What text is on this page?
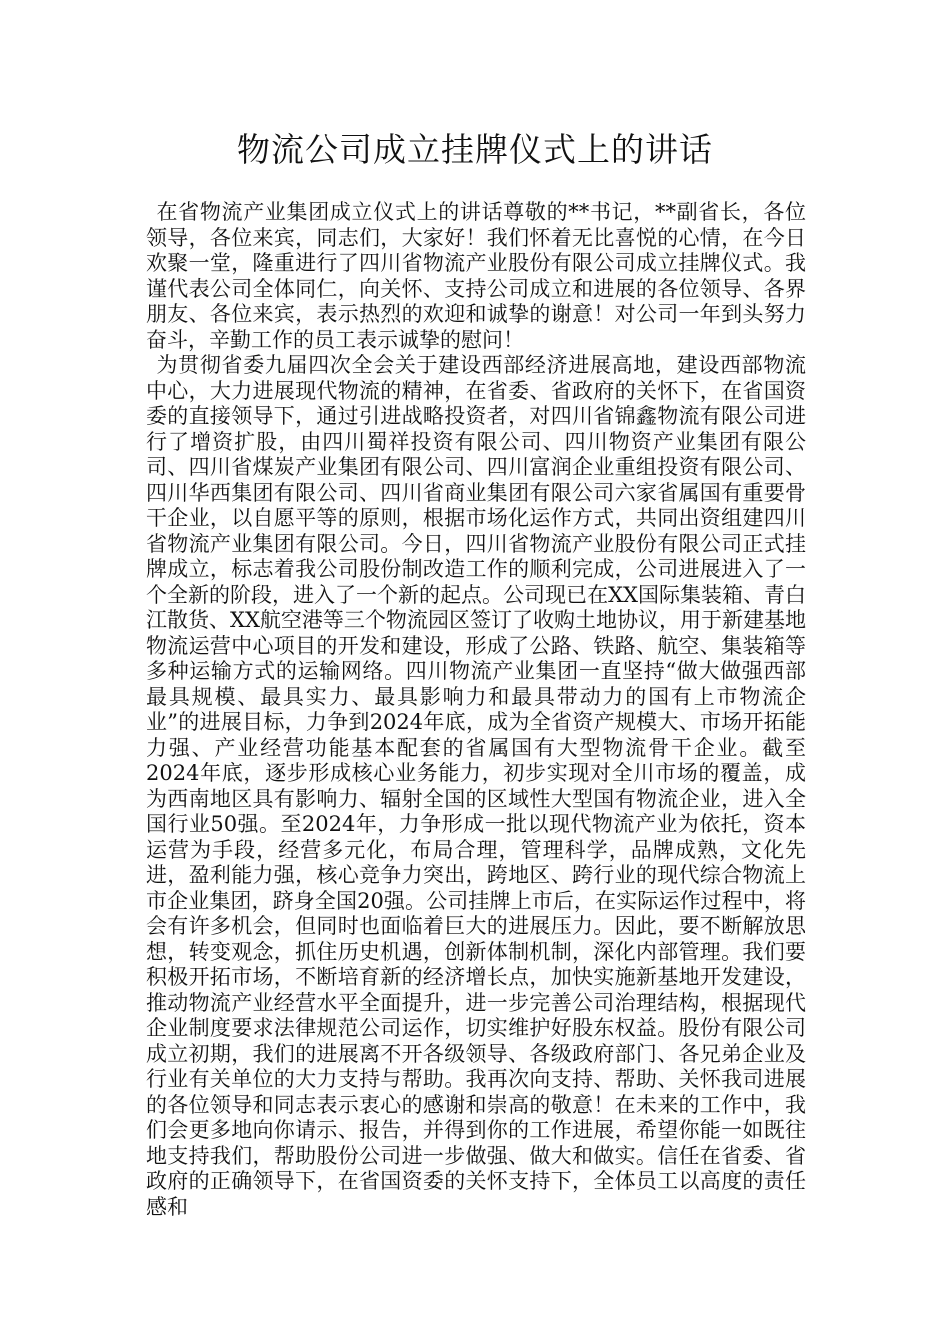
物流公司成立挂牌仪式上的讲话

在省物流产业集团成立仪式上的讲话尊敬的**书记，**副省长，各位领导，各位来宾，同志们，大家好！我们怀着无比喜悦的心情，在今日欢聚一堂，隆重进行了四川省物流产业股份有限公司成立挂牌仪式。我谨代表公司全体同仁，向关怀、支持公司成立和进展的各位领导、各界朋友、各位来宾，表示热烈的欢迎和诚挚的谢意！对公司一年到头努力奋斗，辛勤工作的员工表示诚挚的慰问！

为贯彻省委九届四次全会关于建设西部经济进展高地，建设西部物流中心，大力进展现代物流的精神，在省委、省政府的关怀下，在省国资委的直接领导下，通过引进战略投资者，对四川省锦鑫物流有限公司进行了增资扩股，由四川蜀祥投资有限公司、四川物资产业集团有限公司、四川省煤炭产业集团有限公司、四川富润企业重组投资有限公司、四川华西集团有限公司、四川省商业集团有限公司六家省属国有重要骨干企业，以自愿平等的原则，根据市场化运作方式，共同出资组建四川省物流产业集团有限公司。今日，四川省物流产业股份有限公司正式挂牌成立，标志着我公司股份制改造工作的顺利完成，公司进展进入了一个全新的阶段，进入了一个新的起点。公司现已在XX国际集装箱、青白江散货、XX航空港等三个物流园区签订了收购土地协议，用于新建基地物流运营中心项目的开发和建设，形成了公路、铁路、航空、集装箱等多种运输方式的运输网络。四川物流产业集团一直坚持“做大做强西部最具规模、最具实力、最具影响力和最具带动力的国有上市物流企业”的进展目标，力争到2024年底，成为全省资产规模大、市场开拓能力强、产业经营功能基本配套的省属国有大型物流骨干企业。截至2024年底，逐步形成核心业务能力，初步实现对全川市场的覆盖，成为西南地区具有影响力、辐射全国的区域性大型国有物流企业，进入全国行业50强。至2024年，力争形成一批以现代物流产业为依托，资本运营为手段，经营多元化，布局合理，管理科学，品牌成熟，文化先进，盈利能力强，核心竞争力突出，跨地区、跨行业的现代综合物流上市企业集团，跻身全国20强。公司挂牌上市后，在实际运作过程中，将会有许多机会，但同时也面临着巨大的进展压力。因此，要不断解放思想，转变观念，抓住历史机遇，创新体制机制，深化内部管理。我们要积极开拓市场，不断培育新的经济增长点，加快实施新基地开发建设，推动物流产业经营水平全面提升，进一步完善公司治理结构，根据现代企业制度要求法律规范公司运作，切实维护好股东权益。股份有限公司成立初期，我们的进展离不开各级领导、各级政府部门、各兄弟企业及行业有关单位的大力支持与帮助。我再次向支持、帮助、关怀我司进展的各位领导和同志表示衷心的感谢和崇高的敬意！在未来的工作中，我们会更多地向你请示、报告，并得到你的工作进展，希望你能一如既往地支持我们，帮助股份公司进一步做强、做大和做实。信任在省委、省政府的正确领导下，在省国资委的关怀支持下，全体员工以高度的责任感和
